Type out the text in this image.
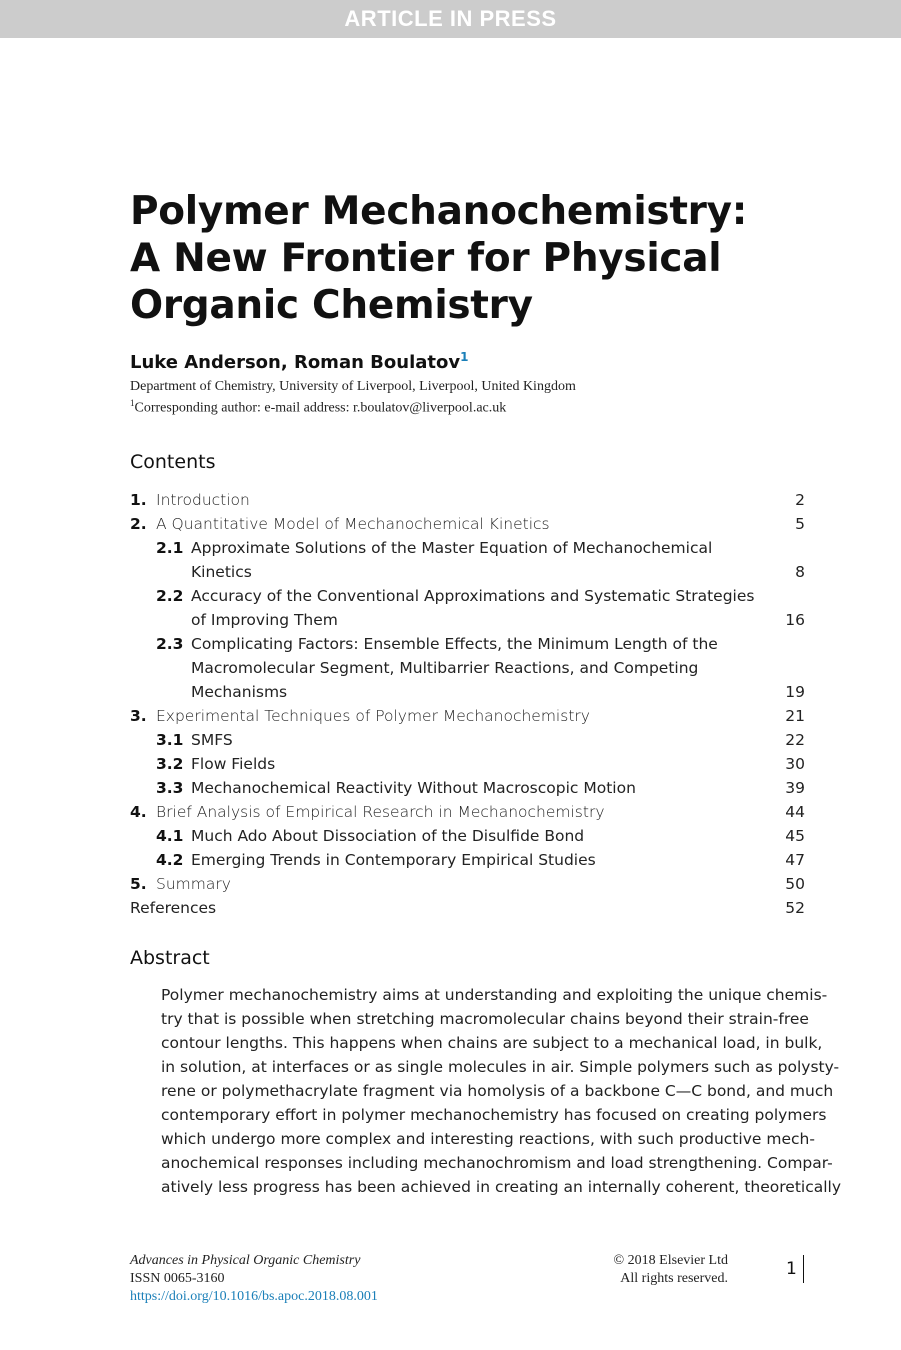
ARTICLE IN PRESS
Polymer Mechanochemistry:
A New Frontier for Physical
Organic Chemistry
Luke Anderson, Roman Boulatov$^1$
Department of Chemistry, University of Liverpool, Liverpool, United Kingdom
$^1$Corresponding author: e-mail address: r.boulatov@liverpool.ac.uk
Contents
1. Introduction	2
2. A Quantitative Model of Mechanochemical Kinetics	5
2.1 Approximate Solutions of the Master Equation of Mechanochemical
Kinetics	8
2.2 Accuracy of the Conventional Approximations and Systematic Strategies
of Improving Them	16
2.3 Complicating Factors: Ensemble Effects, the Minimum Length of the
Macromolecular Segment, Multibarrier Reactions, and Competing
Mechanisms	19
3. Experimental Techniques of Polymer Mechanochemistry	21
3.1 SMFS	22
3.2 Flow Fields	30
3.3 Mechanochemical Reactivity Without Macroscopic Motion	39
4. Brief Analysis of Empirical Research in Mechanochemistry	44
4.1 Much Ado About Dissociation of the Disulfide Bond	45
4.2 Emerging Trends in Contemporary Empirical Studies	47
5. Summary	50
References	52
Abstract
Polymer mechanochemistry aims at understanding and exploiting the unique chemis-
try that is possible when stretching macromolecular chains beyond their strain-free
contour lengths. This happens when chains are subject to a mechanical load, in bulk,
in solution, at interfaces or as single molecules in air. Simple polymers such as polysty-
rene or polymethacrylate fragment via homolysis of a backbone C—C bond, and much
contemporary effort in polymer mechanochemistry has focused on creating polymers
which undergo more complex and interesting reactions, with such productive mech-
anochemical responses including mechanochromism and load strengthening. Compar-
atively less progress has been achieved in creating an internally coherent, theoretically
Advances in Physical Organic Chemistry
ISSN 0065-3160
https://doi.org/10.1016/bs.apoc.2018.08.001
© 2018 Elsevier Ltd
All rights reserved.	1
